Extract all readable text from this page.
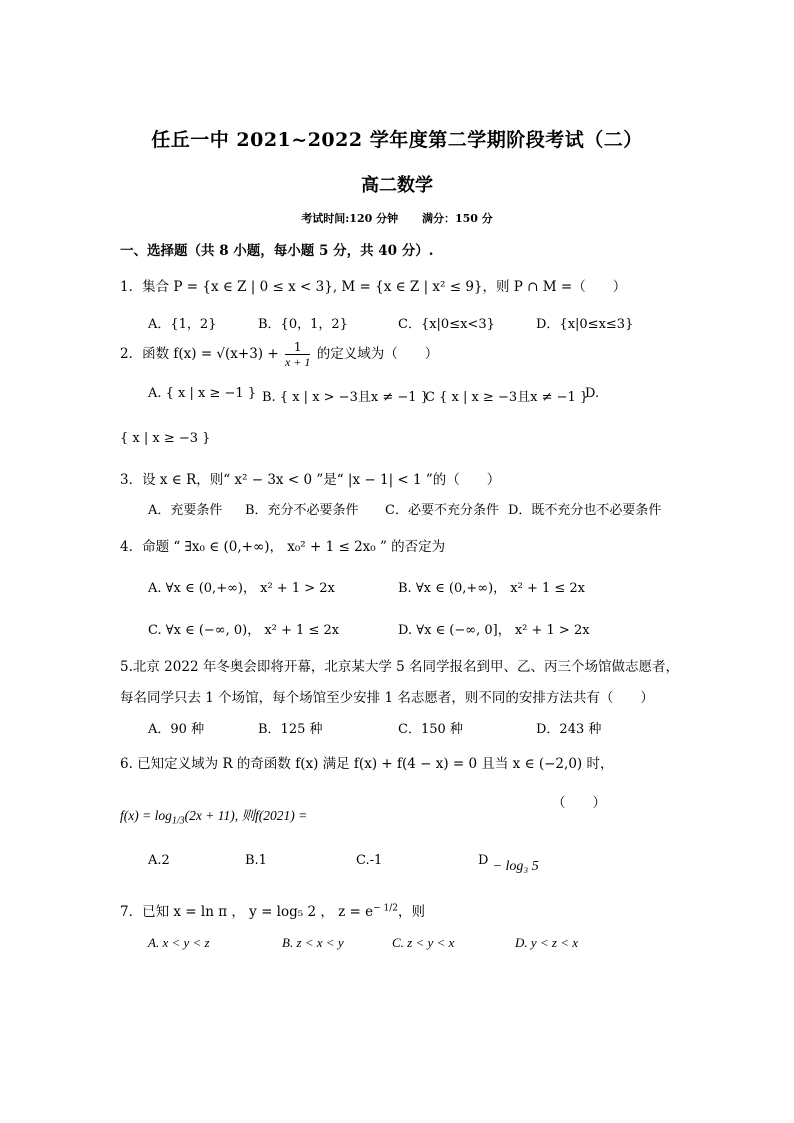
任丘一中 2021~2022 学年度第二学期阶段考试（二）
高二数学
考试时间:120 分钟 满分：150 分
一、选择题（共 8 小题，每小题 5 分，共 40 分）.
1．集合 P = {x ∈ Z | 0 ≤ x < 3}, M = {x ∈ Z | x² ≤ 9}，则 P ∩ M =（　　）
A．{1，2}	B．{0，1，2}	C．{x|0≤x<3}	D．{x|0≤x≤3}
2．函数 $f(x) = √(x+3) + \frac{1}{x + 1}$ 的定义域为（　　）
A. { x | x ≥ −1 } B. { x | x > −3且x ≠ −1 }
C { x | x ≥ −3且x ≠ −1 }
D.
{ x | x ≥ −3 }
3．设 x ∈ R，则“ x² − 3x < 0 ”是“ |x − 1| < 1 ”的（　　）
A．充要条件 B．充分不必要条件 C．必要不充分条件 D．既不充分也不必要条件
4．命题 “ ∃x₀ ∈ (0,+∞)， x₀² + 1 ≤ 2x₀ ” 的否定为
A. ∀x ∈ (0,+∞)， x² + 1 > 2x	B. ∀x ∈ (0,+∞)， x² + 1 ≤ 2x
C. ∀x ∈ (−∞, 0)， x² + 1 ≤ 2x	D. ∀x ∈ (−∞, 0]， x² + 1 > 2x
5.北京 2022 年冬奥会即将开幕，北京某大学 5 名同学报名到甲、乙、丙三个场馆做志愿者，
每名同学只去 1 个场馆，每个场馆至少安排 1 名志愿者，则不同的安排方法共有（　　）
A．90 种	B．125 种	C．150 种	D．243 种
6. 已知定义域为 R 的奇函数 f(x) 满足 f(x) + f(4 − x) = 0 且当 x ∈ (−2,0) 时，
（　　）
$f(x) = \log_{1/3}(2x + 11)$, 则f(2021) =
A.2	B.1	C.-1	D − log₃ 5
7．已知 x = ln π ， y = log₅ 2 ， $z = e^{- 1/2}$，则
A. x < y < z	B. z < x < y	C. z < y < x	D. y < z < x
